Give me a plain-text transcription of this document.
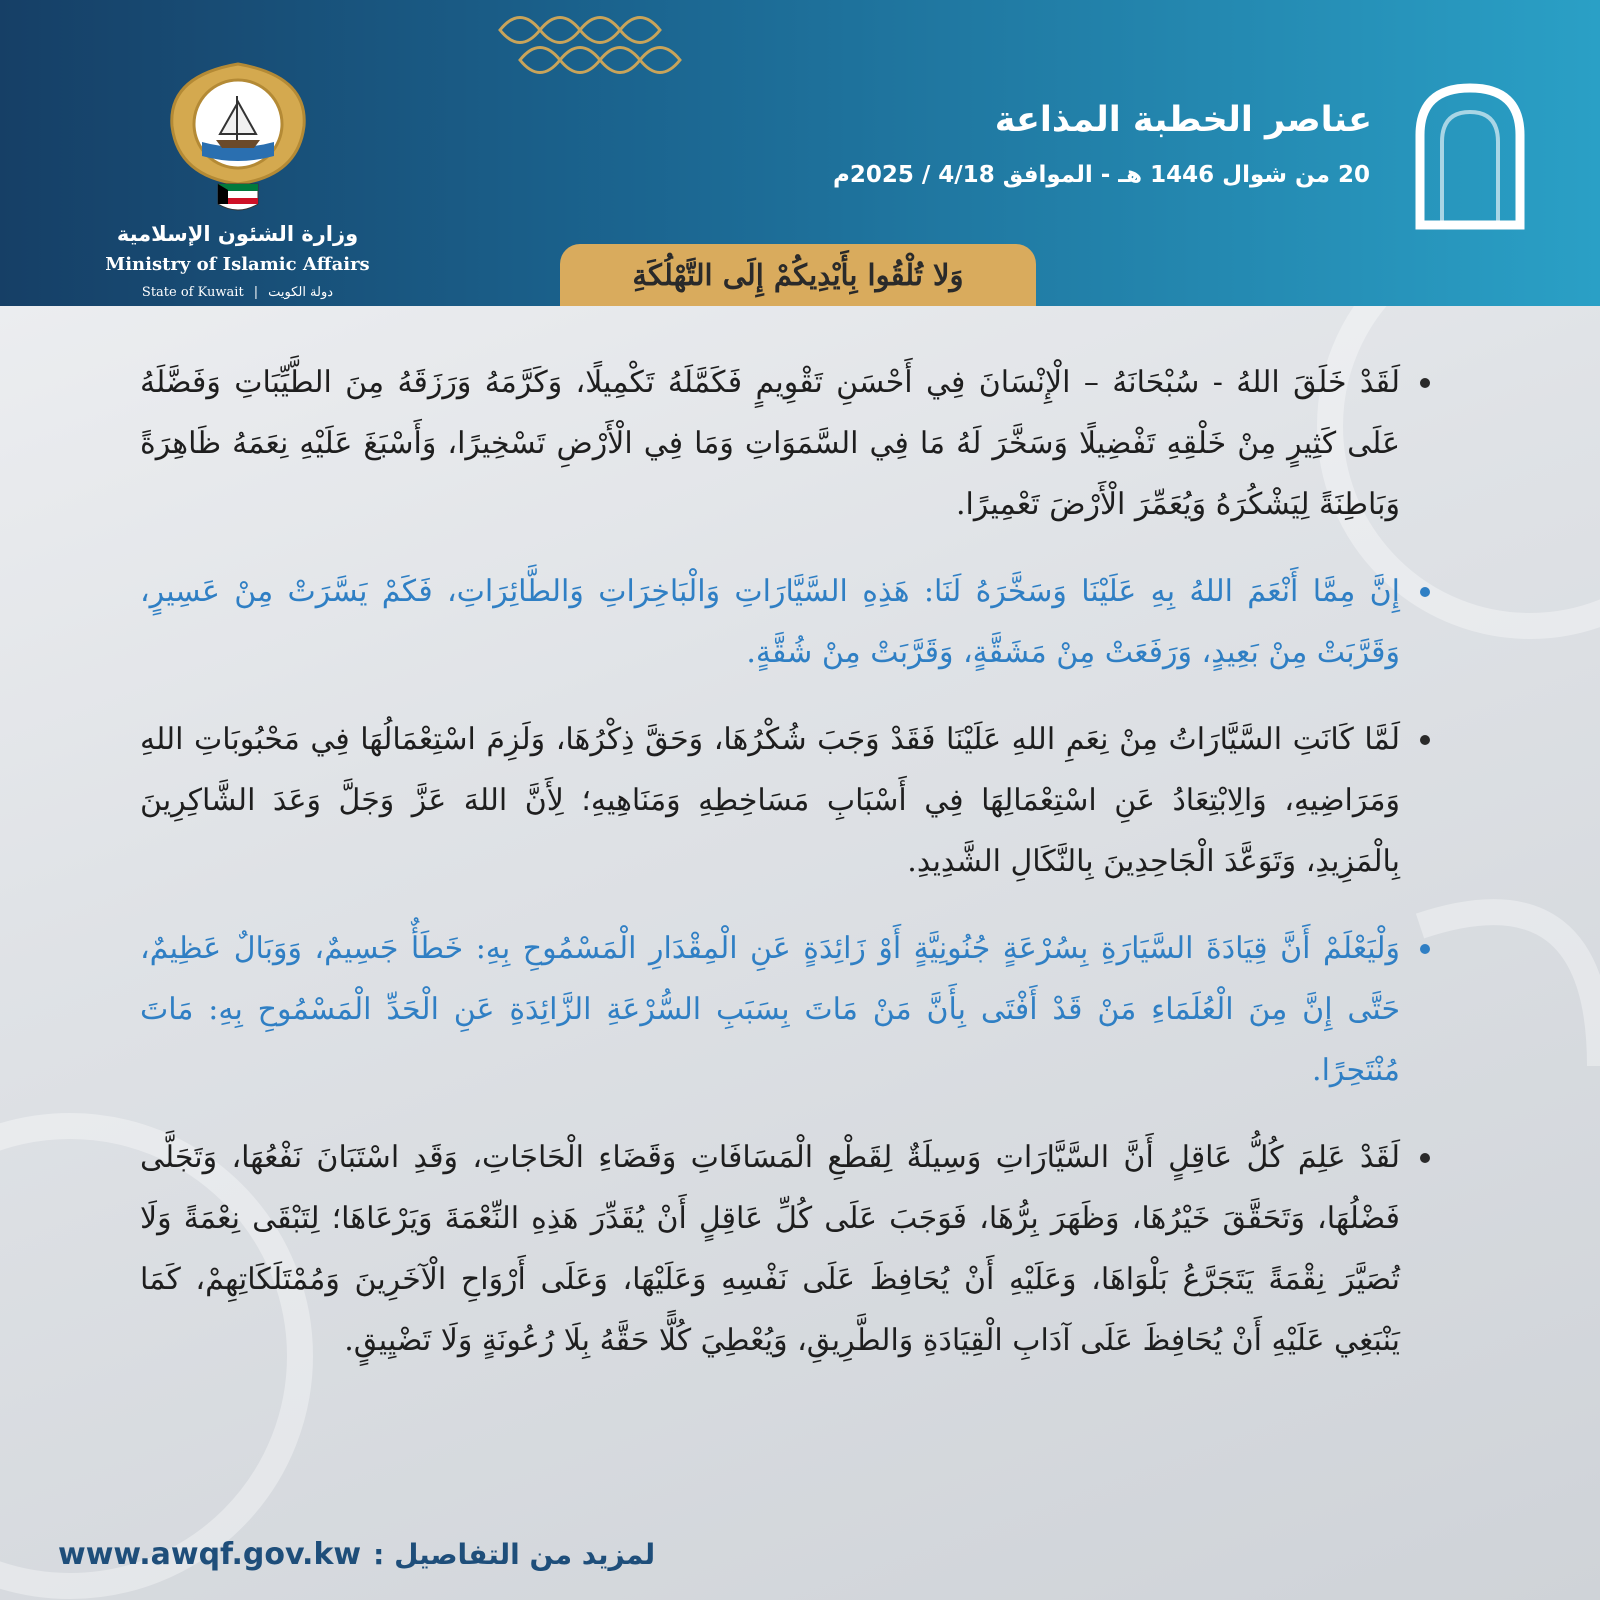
وزارة الشئون الإسلامية
Ministry of Islamic Affairs
State of Kuwait | دولة الكويت
عناصر الخطبة المذاعة
20 من شوال 1446 هـ - الموافق 4/18 / 2025م
وَلا تُلْقُوا بِأَيْدِيكُمْ إِلَى التَّهْلُكَةِ
لَقَدْ خَلَقَ اللهُ - سُبْحَانَهُ – الْإِنْسَانَ فِي أَحْسَنِ تَقْوِيمٍ فَكَمَّلَهُ تَكْمِيلًا، وَكَرَّمَهُ وَرَزَقَهُ مِنَ الطَّيِّبَاتِ وَفَضَّلَهُ عَلَى كَثِيرٍ مِنْ خَلْقِهِ تَفْضِيلًا وَسَخَّرَ لَهُ مَا فِي السَّمَوَاتِ وَمَا فِي الْأَرْضِ تَسْخِيرًا، وَأَسْبَغَ عَلَيْهِ نِعَمَهُ ظَاهِرَةً وَبَاطِنَةً لِيَشْكُرَهُ وَيُعَمِّرَ الْأَرْضَ تَعْمِيرًا.
إِنَّ مِمَّا أَنْعَمَ اللهُ بِهِ عَلَيْنَا وَسَخَّرَهُ لَنَا: هَذِهِ السَّيَّارَاتِ وَالْبَاخِرَاتِ وَالطَّائِرَاتِ، فَكَمْ يَسَّرَتْ مِنْ عَسِيرٍ، وَقَرَّبَتْ مِنْ بَعِيدٍ، وَرَفَعَتْ مِنْ مَشَقَّةٍ، وَقَرَّبَتْ مِنْ شُقَّةٍ.
لَمَّا كَانَتِ السَّيَّارَاتُ مِنْ نِعَمِ اللهِ عَلَيْنَا فَقَدْ وَجَبَ شُكْرُهَا، وَحَقَّ ذِكْرُهَا، وَلَزِمَ اسْتِعْمَالُهَا فِي مَحْبُوبَاتِ اللهِ وَمَرَاضِيهِ، وَالِابْتِعَادُ عَنِ اسْتِعْمَالِهَا فِي أَسْبَابِ مَسَاخِطِهِ وَمَنَاهِيهِ؛ لِأَنَّ اللهَ عَزَّ وَجَلَّ وَعَدَ الشَّاكِرِينَ بِالْمَزِيدِ، وَتَوَعَّدَ الْجَاحِدِينَ بِالنَّكَالِ الشَّدِيدِ.
وَلْيَعْلَمْ أَنَّ قِيَادَةَ السَّيَارَةِ بِسُرْعَةٍ جُنُونِيَّةٍ أَوْ زَائِدَةٍ عَنِ الْمِقْدَارِ الْمَسْمُوحِ بِهِ: خَطَأٌ جَسِيمٌ، وَوَبَالٌ عَظِيمٌ، حَتَّى إِنَّ مِنَ الْعُلَمَاءِ مَنْ قَدْ أَفْتَى بِأَنَّ مَنْ مَاتَ بِسَبَبِ السُّرْعَةِ الزَّائِدَةِ عَنِ الْحَدِّ الْمَسْمُوحِ بِهِ: مَاتَ مُنْتَحِرًا.
لَقَدْ عَلِمَ كُلُّ عَاقِلٍ أَنَّ السَّيَّارَاتِ وَسِيلَةٌ لِقَطْعِ الْمَسَافَاتِ وَقَضَاءِ الْحَاجَاتِ، وَقَدِ اسْتَبَانَ نَفْعُهَا، وَتَجَلَّى فَضْلُهَا، وَتَحَقَّقَ خَيْرُهَا، وَظَهَرَ بِرُّهَا، فَوَجَبَ عَلَى كُلِّ عَاقِلٍ أَنْ يُقَدِّرَ هَذِهِ النِّعْمَةَ وَيَرْعَاهَا؛ لِتَبْقَى نِعْمَةً وَلَا تُصَيَّرَ نِقْمَةً يَتَجَرَّعُ بَلْوَاهَا، وَعَلَيْهِ أَنْ يُحَافِظَ عَلَى نَفْسِهِ وَعَلَيْهَا، وَعَلَى أَرْوَاحِ الْآخَرِينَ وَمُمْتَلَكَاتِهِمْ، كَمَا يَنْبَغِي عَلَيْهِ أَنْ يُحَافِظَ عَلَى آدَابِ الْقِيَادَةِ وَالطَّرِيقِ، وَيُعْطِيَ كُلًّا حَقَّهُ بِلَا رُعُونَةٍ وَلَا تَضْيِيقٍ.
لمزيد من التفاصيل :
www.awqf.gov.kw
